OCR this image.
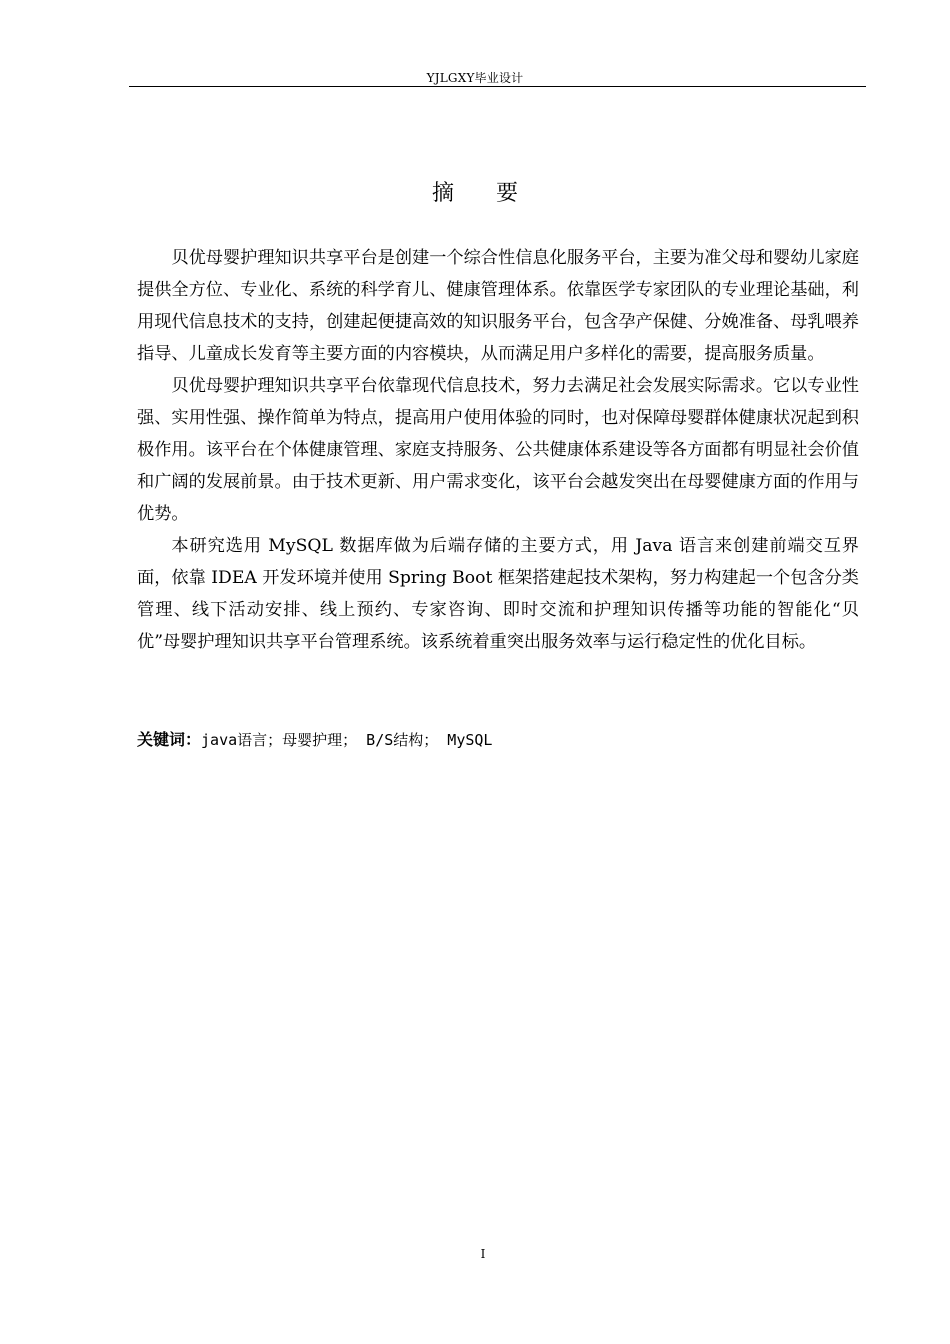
YJLGXY毕业设计
摘要

贝优母婴护理知识共享平台是创建一个综合性信息化服务平台，主要为准父母和婴幼儿家庭提供全方位、专业化、系统的科学育儿、健康管理体系。依靠医学专家团队的专业理论基础，利用现代信息技术的支持，创建起便捷高效的知识服务平台，包含孕产保健、分娩准备、母乳喂养指导、儿童成长发育等主要方面的内容模块，从而满足用户多样化的需要，提高服务质量。

贝优母婴护理知识共享平台依靠现代信息技术，努力去满足社会发展实际需求。它以专业性强、实用性强、操作简单为特点，提高用户使用体验的同时，也对保障母婴群体健康状况起到积极作用。该平台在个体健康管理、家庭支持服务、公共健康体系建设等各方面都有明显社会价值和广阔的发展前景。由于技术更新、用户需求变化，该平台会越发突出在母婴健康方面的作用与优势。

本研究选用 MySQL 数据库做为后端存储的主要方式，用 Java 语言来创建前端交互界面，依靠 IDEA 开发环境并使用 Spring Boot 框架搭建起技术架构，努力构建起一个包含分类管理、线下活动安排、线上预约、专家咨询、即时交流和护理知识传播等功能的智能化“贝优”母婴护理知识共享平台管理系统。该系统着重突出服务效率与运行稳定性的优化目标。

关键词：java语言；母婴护理； B/S结构； MySQL
I
